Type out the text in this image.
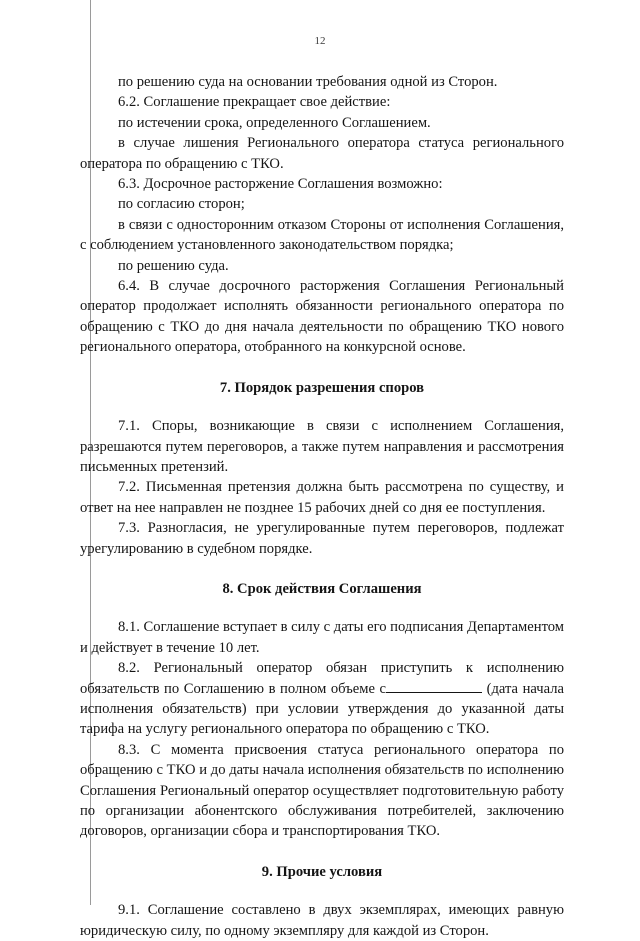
12

по решению суда на основании требования одной из Сторон.

6.2. Соглашение прекращает свое действие:

по истечении срока, определенного Соглашением.

в случае лишения Регионального оператора статуса регионального оператора по обращению с ТКО.

6.3. Досрочное расторжение Соглашения возможно:

по согласию сторон;

в связи с односторонним отказом Стороны от исполнения Соглашения, с соблюдением установленного законодательством порядка;

по решению суда.

6.4. В случае досрочного расторжения Соглашения Региональный оператор продолжает исполнять обязанности регионального оператора по обращению с ТКО до дня начала деятельности по обращению ТКО нового регионального оператора, отобранного на конкурсной основе.

7. Порядок разрешения споров

7.1. Споры, возникающие в связи с исполнением Соглашения, разрешаются путем переговоров, а также путем направления и рассмотрения письменных претензий.

7.2. Письменная претензия должна быть рассмотрена по существу, и ответ на нее направлен не позднее 15 рабочих дней со дня ее поступления.

7.3. Разногласия, не урегулированные путем переговоров, подлежат урегулированию в судебном порядке.

8. Срок действия Соглашения

8.1. Соглашение вступает в силу с даты его подписания Департаментом и действует в течение 10 лет.

8.2. Региональный оператор обязан приступить к исполнению обязательств по Соглашению в полном объеме с	(дата начала исполнения обязательств) при условии утверждения до указанной даты тарифа на услугу регионального оператора по обращению с ТКО.

8.3. С момента присвоения статуса регионального оператора по обращению с ТКО и до даты начала исполнения обязательств по исполнению Соглашения Региональный оператор осуществляет подготовительную работу по организации абонентского обслуживания потребителей, заключению договоров, организации сбора и транспортирования ТКО.

9. Прочие условия

9.1. Соглашение составлено в двух экземплярах, имеющих равную юридическую силу, по одному экземпляру для каждой из Сторон.
